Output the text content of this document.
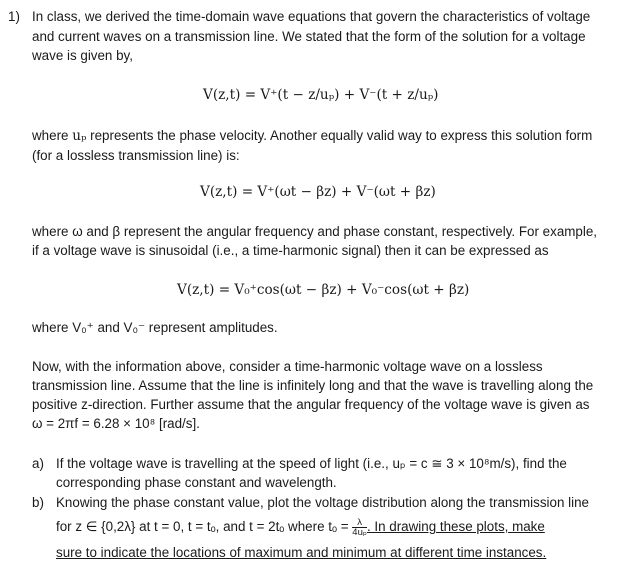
1) In class, we derived the time-domain wave equations that govern the characteristics of voltage
and current waves on a transmission line. We stated that the form of the solution for a voltage
wave is given by,
V(z,t) = V⁺(t − z/uₚ) + V⁻(t + z/uₚ)
where uₚ represents the phase velocity. Another equally valid way to express this solution form
(for a lossless transmission line) is:
V(z,t) = V⁺(ωt − βz) + V⁻(ωt + βz)
where ω and β represent the angular frequency and phase constant, respectively. For example,
if a voltage wave is sinusoidal (i.e., a time-harmonic signal) then it can be expressed as
V(z,t) = V₀⁺cos(ωt − βz) + V₀⁻cos(ωt + βz)
where V₀⁺ and V₀⁻ represent amplitudes.
Now, with the information above, consider a time-harmonic voltage wave on a lossless
transmission line. Assume that the line is infinitely long and that the wave is travelling along the
positive z-direction. Further assume that the angular frequency of the voltage wave is given as
ω = 2πf = 6.28 × 10⁸ [rad/s].
a) If the voltage wave is travelling at the speed of light (i.e., uₚ = c ≅ 3 × 10⁸m/s), find the
corresponding phase constant and wavelength.
b) Knowing the phase constant value, plot the voltage distribution along the transmission line
for z ∈ {0,2λ} at t = 0, t = tₒ, and t = 2tₒ where $t_o = \frac{\lambda}{\text{4uₚ}}$ . In drawing these plots, make
sure to indicate the locations of maximum and minimum at different time instances.
